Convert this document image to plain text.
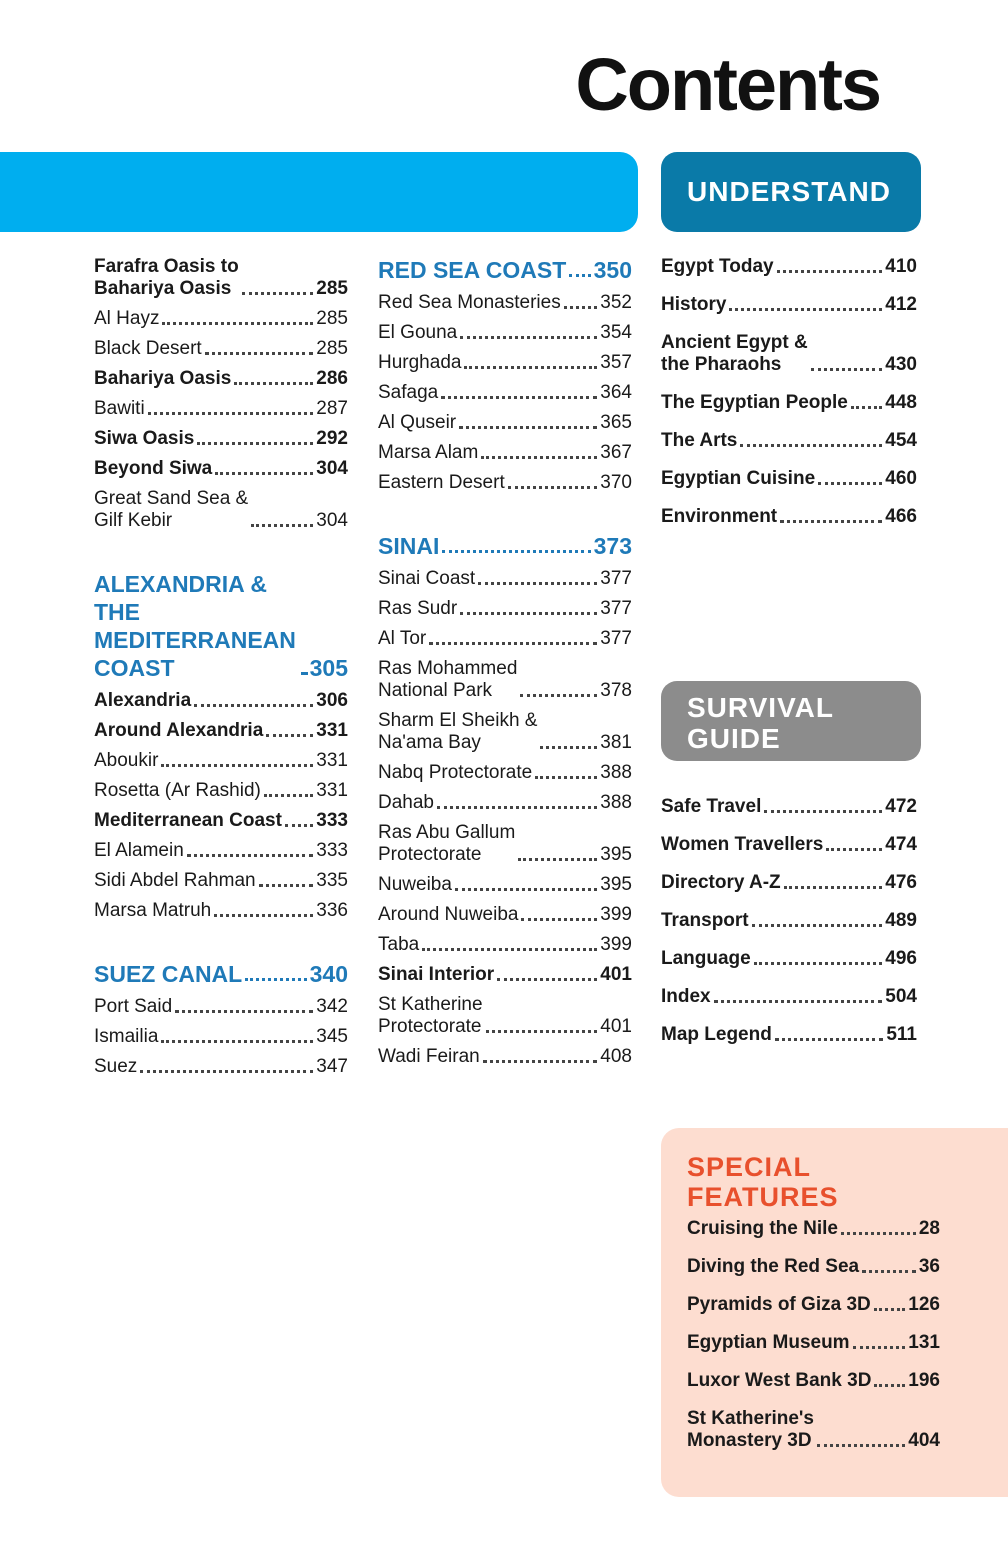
Contents
UNDERSTAND
SURVIVAL
GUIDE
Farafra Oasis to
Bahariya Oasis	285
Al Hayz	285
Black Desert	285
Bahariya Oasis	286
Bawiti	287
Siwa Oasis	292
Beyond Siwa	304
Great Sand Sea &
Gilf Kebir	304
ALEXANDRIA & THE
MEDITERRANEAN
COAST	305
Alexandria	306
Around Alexandria	331
Aboukir	331
Rosetta (Ar Rashid)	331
Mediterranean Coast 333
El Alamein	333
Sidi Abdel Rahman	335
Marsa Matruh	336
SUEZ CANAL	340
Port Said	342
Ismailia	345
Suez	347
RED SEA COAST 350
Red Sea Monasteries 352
El Gouna	354
Hurghada	357
Safaga	364
Al Quseir	365
Marsa Alam	367
Eastern Desert	370
SINAI	373
Sinai Coast	377
Ras Sudr	377
Al Tor	377
Ras Mohammed
National Park	378
Sharm El Sheikh &
Na'ama Bay	381
Nabq Protectorate	388
Dahab	388
Ras Abu Gallum
Protectorate	395
Nuweiba	395
Around Nuweiba	399
Taba	399
Sinai Interior	401
St Katherine
Protectorate	401
Wadi Feiran	408
Egypt Today	410
History	412
Ancient Egypt &
the Pharaohs	430
The Egyptian People 448
The Arts	454
Egyptian Cuisine	460
Environment	466
Safe Travel	472
Women Travellers	474
Directory A-Z	476
Transport	489
Language	496
Index	504
Map Legend	511
SPECIAL
FEATURES
Cruising the Nile	28
Diving the Red Sea	36
Pyramids of Giza 3D 126
Egyptian Museum	131
Luxor West Bank 3D 196
St Katherine's
Monastery 3D	404
